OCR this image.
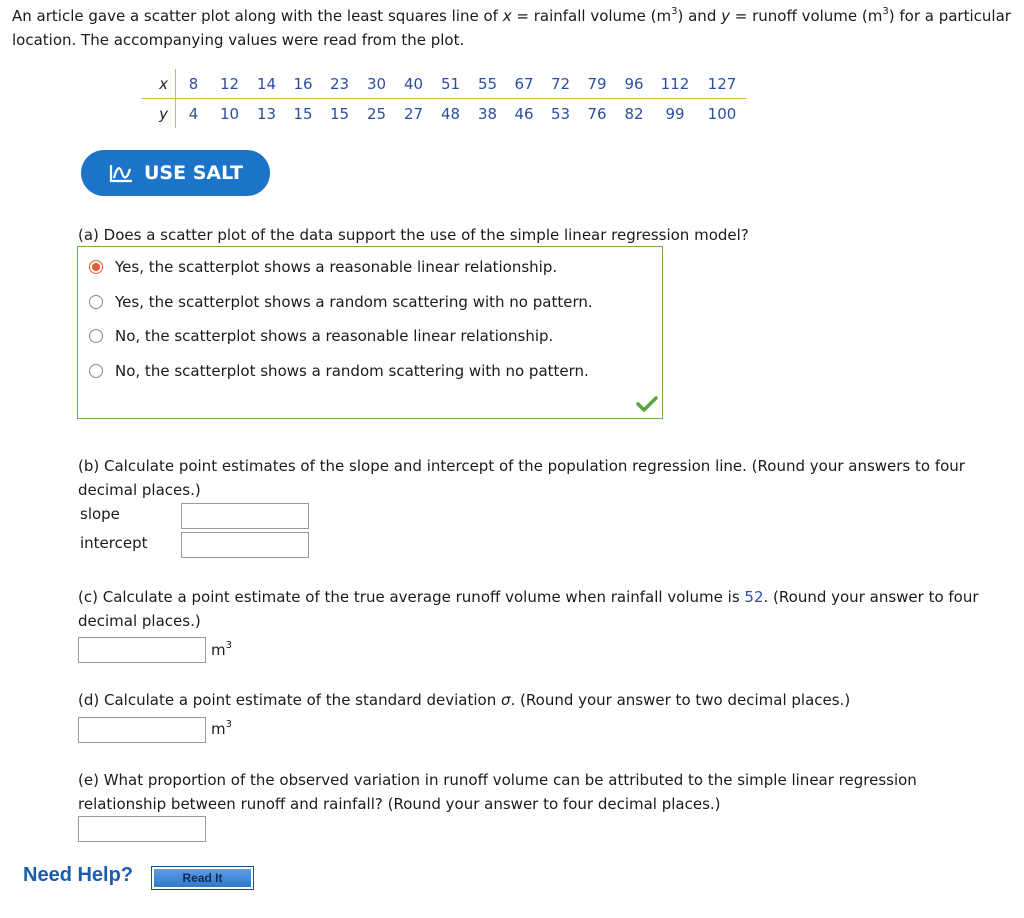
An article gave a scatter plot along with the least squares line of x = rainfall volume $(m^3)$ and y = runoff volume $(m^3)$ for a particular location. The accompanying values were read from the plot.
x	8	12	14	16	23	30	40	51	55	67	72	79	96	112	127
y	4	10	13	15	15	25	27	48	38	46	53	76	82	99	100
USE SALT
(a) Does a scatter plot of the data support the use of the simple linear regression model?
Yes, the scatterplot shows a reasonable linear relationship.
Yes, the scatterplot shows a random scattering with no pattern.
No, the scatterplot shows a reasonable linear relationship.
No, the scatterplot shows a random scattering with no pattern.
(b) Calculate point estimates of the slope and intercept of the population regression line. (Round your answers to four decimal places.)
slope
intercept
(c) Calculate a point estimate of the true average runoff volume when rainfall volume is 52. (Round your answer to four decimal places.)
$m^3$
(d) Calculate a point estimate of the standard deviation σ. (Round your answer to two decimal places.)
$m^3$
(e) What proportion of the observed variation in runoff volume can be attributed to the simple linear regression relationship between runoff and rainfall? (Round your answer to four decimal places.)
Need Help?	Read It
